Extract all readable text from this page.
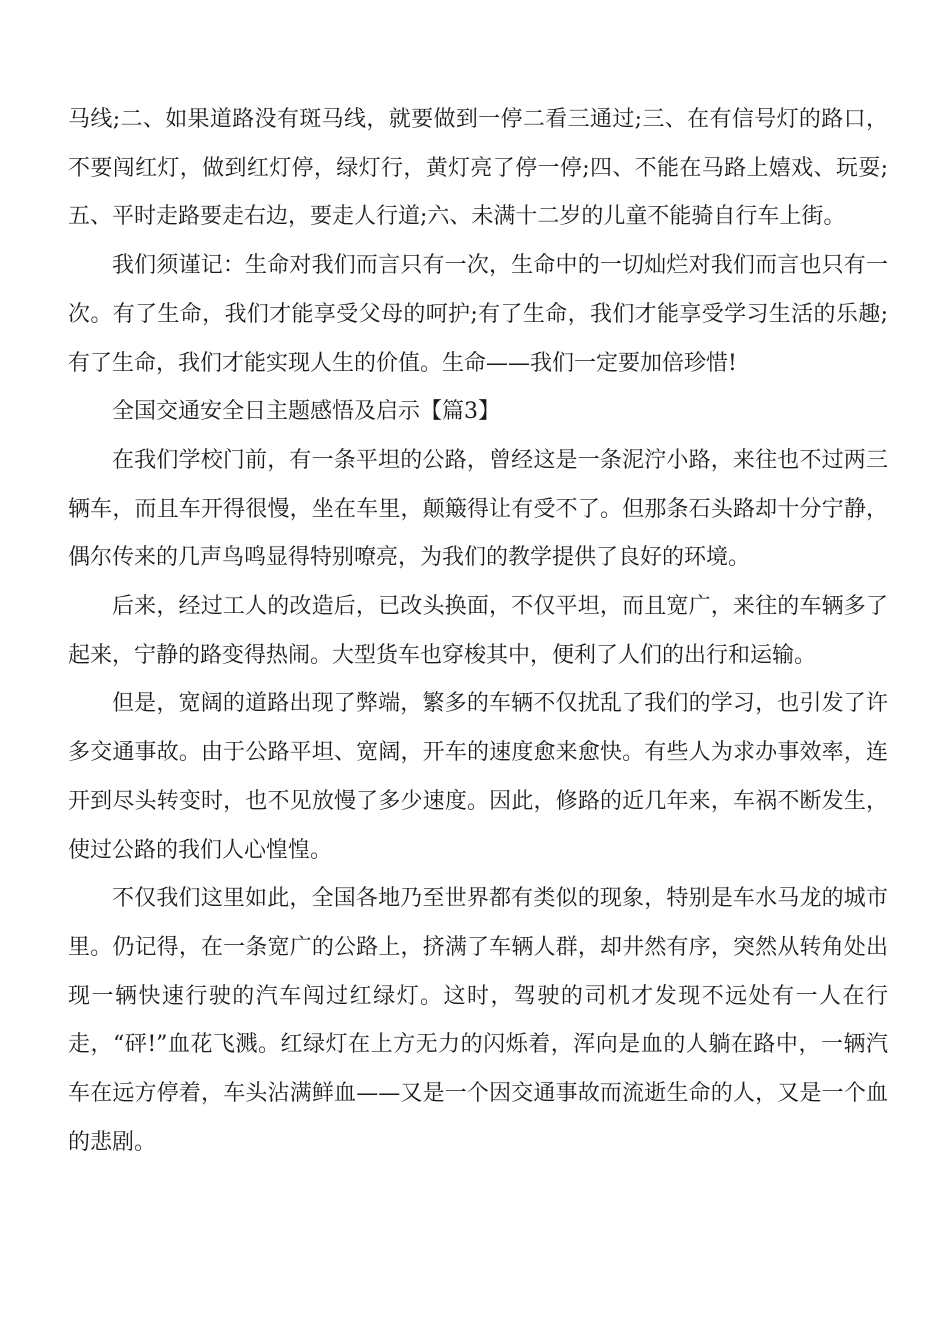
马线;二、如果道路没有斑马线，就要做到一停二看三通过;三、在有信号灯的路口，不要闯红灯，做到红灯停，绿灯行，黄灯亮了停一停;四、不能在马路上嬉戏、玩耍;五、平时走路要走右边，要走人行道;六、未满十二岁的儿童不能骑自行车上街。

我们须谨记：生命对我们而言只有一次，生命中的一切灿烂对我们而言也只有一次。有了生命，我们才能享受父母的呵护;有了生命，我们才能享受学习生活的乐趣;有了生命，我们才能实现人生的价值。生命——我们一定要加倍珍惜!

全国交通安全日主题感悟及启示【篇3】

在我们学校门前，有一条平坦的公路，曾经这是一条泥泞小路，来往也不过两三辆车，而且车开得很慢，坐在车里，颠簸得让有受不了。但那条石头路却十分宁静，偶尔传来的几声鸟鸣显得特别嘹亮，为我们的教学提供了良好的环境。

后来，经过工人的改造后，已改头换面，不仅平坦，而且宽广，来往的车辆多了起来，宁静的路变得热闹。大型货车也穿梭其中，便利了人们的出行和运输。

但是，宽阔的道路出现了弊端，繁多的车辆不仅扰乱了我们的学习，也引发了许多交通事故。由于公路平坦、宽阔，开车的速度愈来愈快。有些人为求办事效率，连开到尽头转变时，也不见放慢了多少速度。因此，修路的近几年来，车祸不断发生，使过公路的我们人心惶惶。

不仅我们这里如此，全国各地乃至世界都有类似的现象，特别是车水马龙的城市里。仍记得，在一条宽广的公路上，挤满了车辆人群，却井然有序，突然从转角处出现一辆快速行驶的汽车闯过红绿灯。这时，驾驶的司机才发现不远处有一人在行走，“砰!”血花飞溅。红绿灯在上方无力的闪烁着，浑向是血的人躺在路中，一辆汽车在远方停着，车头沾满鲜血——又是一个因交通事故而流逝生命的人，又是一个血的悲剧。
